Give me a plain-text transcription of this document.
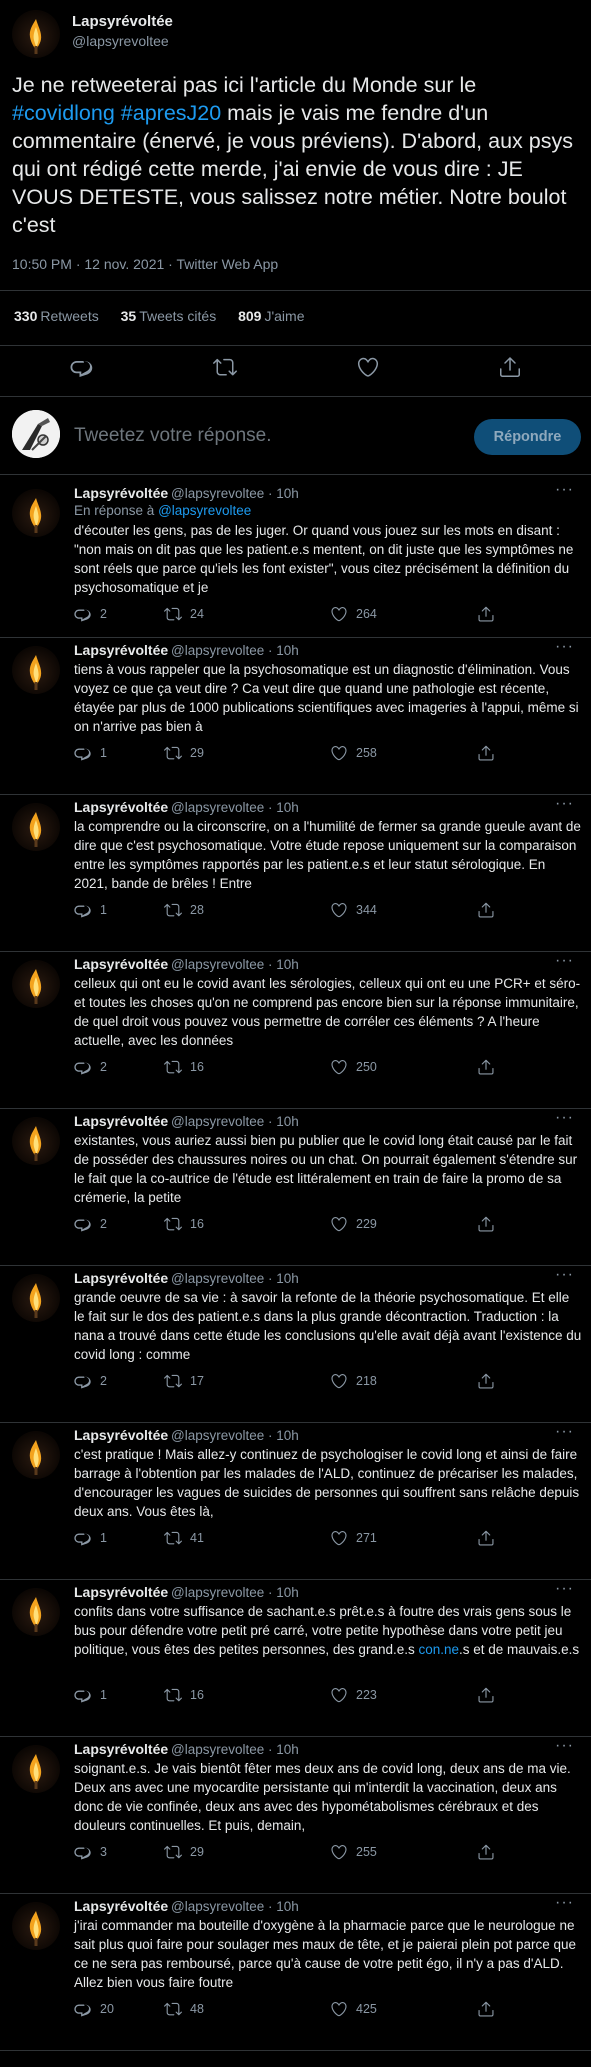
Lapsyrévoltée
@lapsyrevoltee
Je ne retweeterai pas ici l'article du Monde sur le #covidlong #apresJ20 mais je vais me fendre d'un commentaire (énervé, je vous préviens). D'abord, aux psys qui ont rédigé cette merde, j'ai envie de vous dire : JE VOUS DETESTE, vous salissez notre métier. Notre boulot c'est
10:50 PM · 12 nov. 2021 · Twitter Web App
330 Retweets 35 Tweets cités 809 J'aime
Tweetez votre réponse.	Répondre
Lapsyrévoltée @lapsyrevoltee · 10h	···
En réponse à @lapsyrevoltee
d'écouter les gens, pas de les juger. Or quand vous jouez sur les mots en disant : "non mais on dit pas que les patient.e.s mentent, on dit juste que les symptômes ne sont réels que parce qu'iels les font exister", vous citez précisément la définition du psychosomatique et je
2	24	264
Lapsyrévoltée @lapsyrevoltee · 10h	···
tiens à vous rappeler que la psychosomatique est un diagnostic d'élimination. Vous voyez ce que ça veut dire ? Ca veut dire que quand une pathologie est récente, étayée par plus de 1000 publications scientifiques avec imageries à l'appui, même si on n'arrive pas bien à
1	29	258
Lapsyrévoltée @lapsyrevoltee · 10h	···
la comprendre ou la circonscrire, on a l'humilité de fermer sa grande gueule avant de dire que c'est psychosomatique. Votre étude repose uniquement sur la comparaison entre les symptômes rapportés par les patient.e.s et leur statut sérologique. En 2021, bande de brêles ! Entre
1	28	344
Lapsyrévoltée @lapsyrevoltee · 10h	···
celleux qui ont eu le covid avant les sérologies, celleux qui ont eu une PCR+ et séro- et toutes les choses qu'on ne comprend pas encore bien sur la réponse immunitaire, de quel droit vous pouvez vous permettre de corréler ces éléments ? A l'heure actuelle, avec les données
2	16	250
Lapsyrévoltée @lapsyrevoltee · 10h	···
existantes, vous auriez aussi bien pu publier que le covid long était causé par le fait de posséder des chaussures noires ou un chat. On pourrait également s'étendre sur le fait que la co-autrice de l'étude est littéralement en train de faire la promo de sa crémerie, la petite
2	16	229
Lapsyrévoltée @lapsyrevoltee · 10h	···
grande oeuvre de sa vie : à savoir la refonte de la théorie psychosomatique. Et elle le fait sur le dos des patient.e.s dans la plus grande décontraction. Traduction : la nana a trouvé dans cette étude les conclusions qu'elle avait déjà avant l'existence du covid long : comme
2	17	218
Lapsyrévoltée @lapsyrevoltee · 10h	···
c'est pratique ! Mais allez-y continuez de psychologiser le covid long et ainsi de faire barrage à l'obtention par les malades de l'ALD, continuez de précariser les malades, d'encourager les vagues de suicides de personnes qui souffrent sans relâche depuis deux ans. Vous êtes là,
1	41	271
Lapsyrévoltée @lapsyrevoltee · 10h	···
confits dans votre suffisance de sachant.e.s prêt.e.s à foutre des vrais gens sous le bus pour défendre votre petit pré carré, votre petite hypothèse dans votre petit jeu politique, vous êtes des petites personnes, des grand.e.s con.ne.s et de mauvais.e.s
1	16	223
Lapsyrévoltée @lapsyrevoltee · 10h	···
soignant.e.s. Je vais bientôt fêter mes deux ans de covid long, deux ans de ma vie. Deux ans avec une myocardite persistante qui m'interdit la vaccination, deux ans donc de vie confinée, deux ans avec des hypométabolismes cérébraux et des douleurs continuelles. Et puis, demain,
3	29	255
Lapsyrévoltée @lapsyrevoltee · 10h	···
j'irai commander ma bouteille d'oxygène à la pharmacie parce que le neurologue ne sait plus quoi faire pour soulager mes maux de tête, et je paierai plein pot parce que ce ne sera pas remboursé, parce qu'à cause de votre petit égo, il n'y a pas d'ALD. Allez bien vous faire foutre
20	48	425
